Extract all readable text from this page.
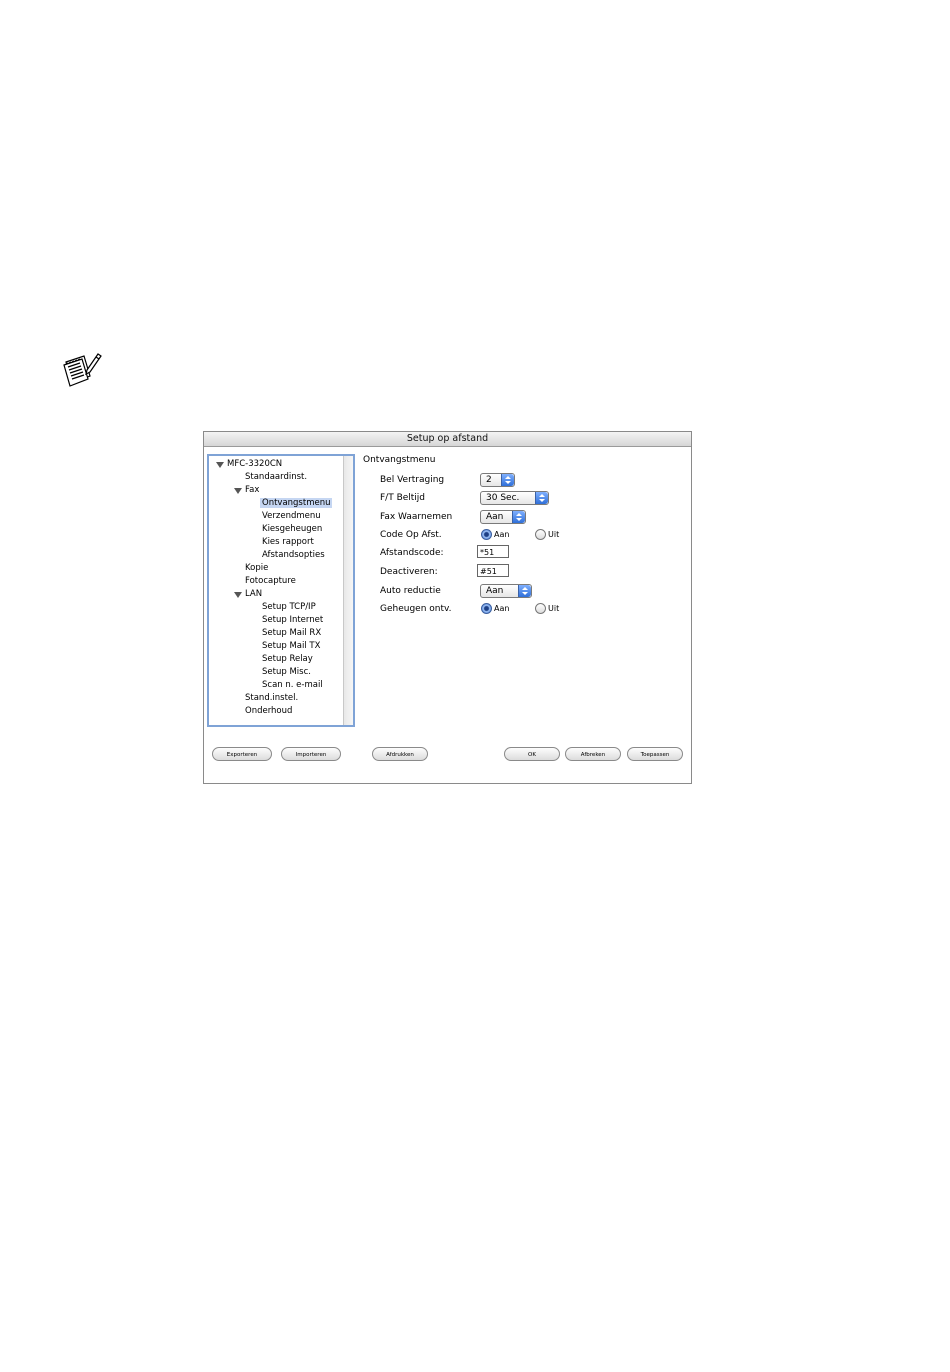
Setup op afstand
MFC-3320CN
Standaardinst.
Fax
Ontvangstmenu
Verzendmenu
Kiesgeheugen
Kies rapport
Afstandsopties
Kopie
Fotocapture
LAN
Setup TCP/IP
Setup Internet
Setup Mail RX
Setup Mail TX
Setup Relay
Setup Misc.
Scan n. e-mail
Stand.instel.
Onderhoud
Ontvangstmenu
Bel Vertraging	2
F/T Beltijd	30 Sec.
Fax Waarnemen	Aan
Code Op Afst.	Aan	Uit
Afstandscode:	*51
Deactiveren:	#51
Auto reductie	Aan
Geheugen ontv.	Aan	Uit
Exporteren	Importeren	Afdrukken	OK	Afbreken	Toepassen
